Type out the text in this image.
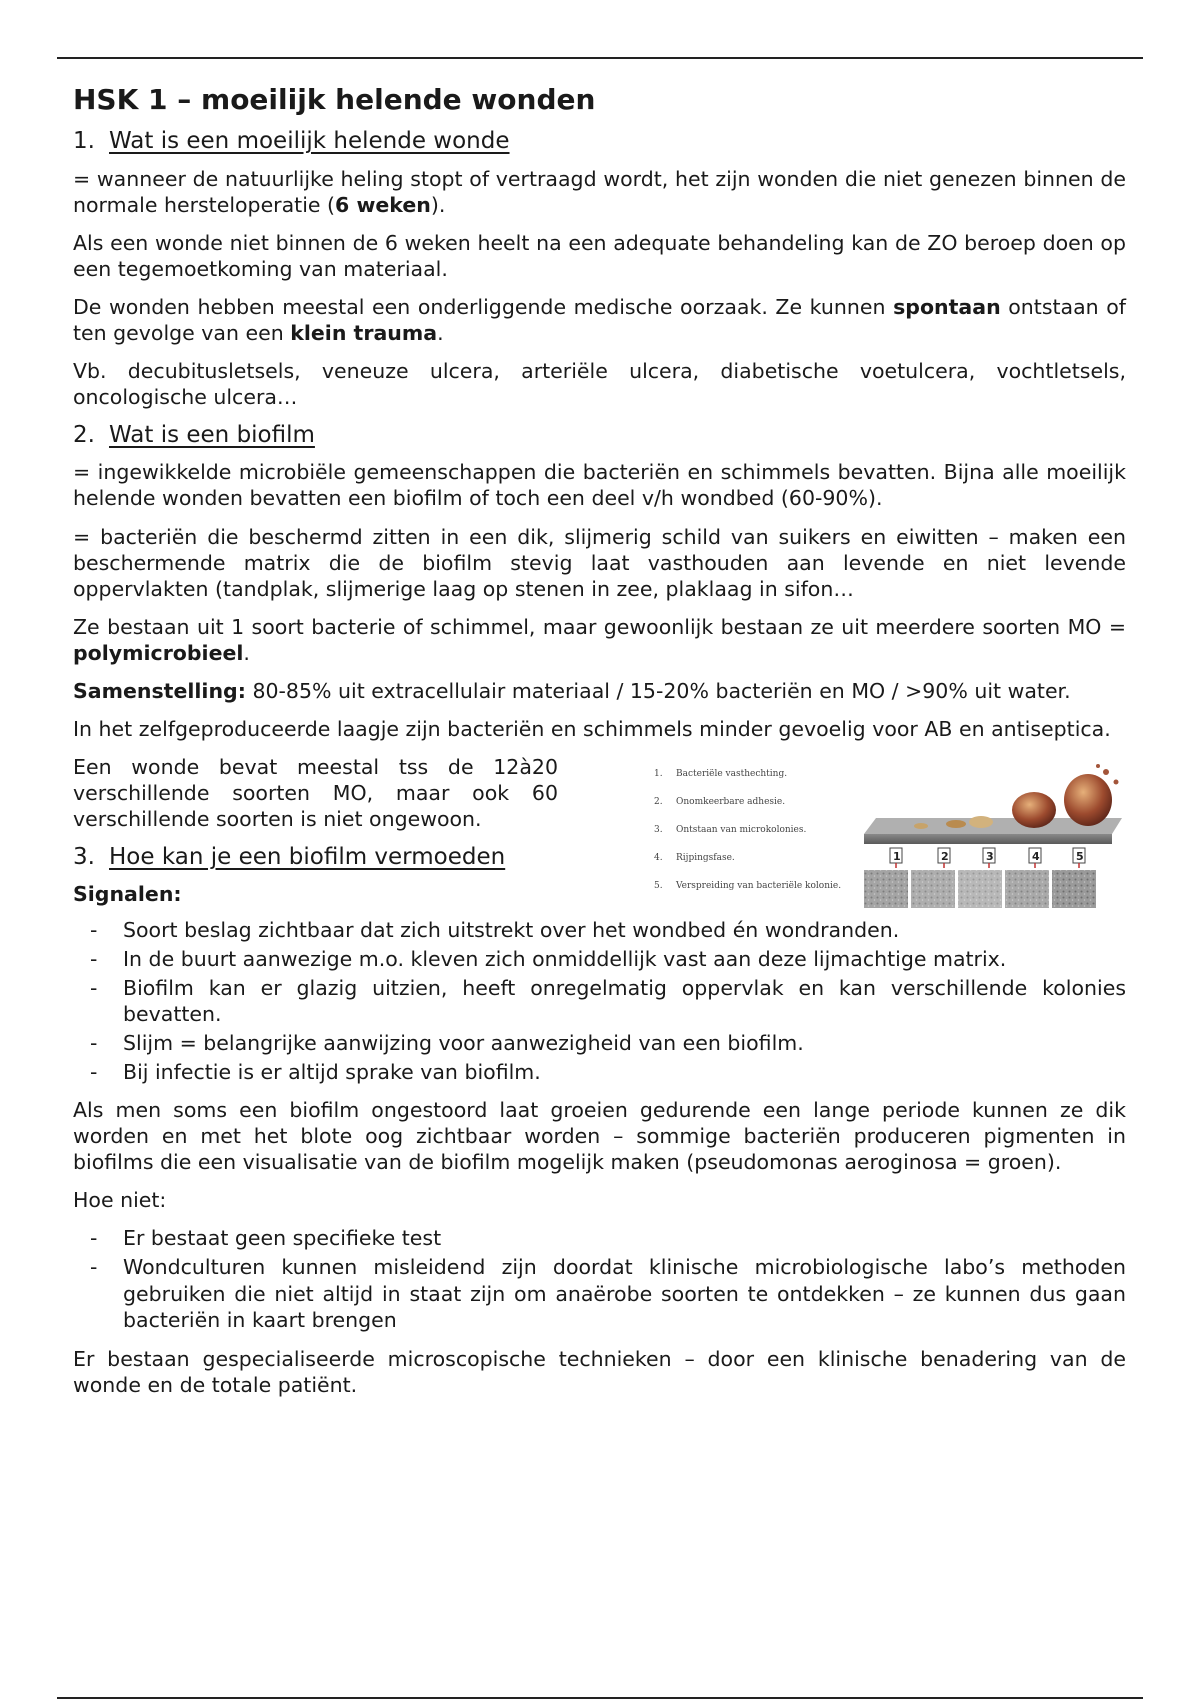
HSK 1 – moeilijk helende wonden
1. Wat is een moeilijk helende wonde

= wanneer de natuurlijke heling stopt of vertraagd wordt, het zijn wonden die niet genezen binnen de normale hersteloperatie (6 weken).

Als een wonde niet binnen de 6 weken heelt na een adequate behandeling kan de ZO beroep doen op een tegemoetkoming van materiaal.

De wonden hebben meestal een onderliggende medische oorzaak. Ze kunnen spontaan ontstaan of ten gevolge van een klein trauma.

Vb. decubitusletsels, veneuze ulcera, arteriële ulcera, diabetische voetulcera, vochtletsels, oncologische ulcera…

2. Wat is een biofilm

= ingewikkelde microbiële gemeenschappen die bacteriën en schimmels bevatten. Bijna alle moeilijk helende wonden bevatten een biofilm of toch een deel v/h wondbed (60-90%).

= bacteriën die beschermd zitten in een dik, slijmerig schild van suikers en eiwitten – maken een beschermende matrix die de biofilm stevig laat vasthouden aan levende en niet levende oppervlakten (tandplak, slijmerige laag op stenen in zee, plaklaag in sifon…

Ze bestaan uit 1 soort bacterie of schimmel, maar gewoonlijk bestaan ze uit meerdere soorten MO = polymicrobieel.

Samenstelling: 80-85% uit extracellulair materiaal / 15-20% bacteriën en MO / >90% uit water.

In het zelfgeproduceerde laagje zijn bacteriën en schimmels minder gevoelig voor AB en antiseptica.

Een wonde bevat meestal tss de 12à20 verschillende soorten MO, maar ook 60 verschillende soorten is niet ongewoon.

3. Hoe kan je een biofilm vermoeden
1. Bacteriële vasthechting.
2. Onomkeerbare adhesie.
3. Ontstaan van microkolonies.
4. Rijpingsfase.
5. Verspreiding van bacteriële kolonie.
1	2	3	4	5

Signalen:

- Soort beslag zichtbaar dat zich uitstrekt over het wondbed én wondranden.
- In de buurt aanwezige m.o. kleven zich onmiddellijk vast aan deze lijmachtige matrix.
- Biofilm kan er glazig uitzien, heeft onregelmatig oppervlak en kan verschillende kolonies bevatten.
- Slijm = belangrijke aanwijzing voor aanwezigheid van een biofilm.
- Bij infectie is er altijd sprake van biofilm.

Als men soms een biofilm ongestoord laat groeien gedurende een lange periode kunnen ze dik worden en met het blote oog zichtbaar worden – sommige bacteriën produceren pigmenten in biofilms die een visualisatie van de biofilm mogelijk maken (pseudomonas aeroginosa = groen).

Hoe niet:

- Er bestaat geen specifieke test
- Wondculturen kunnen misleidend zijn doordat klinische microbiologische labo’s methoden gebruiken die niet altijd in staat zijn om anaërobe soorten te ontdekken – ze kunnen dus gaan bacteriën in kaart brengen

Er bestaan gespecialiseerde microscopische technieken – door een klinische benadering van de wonde en de totale patiënt.
